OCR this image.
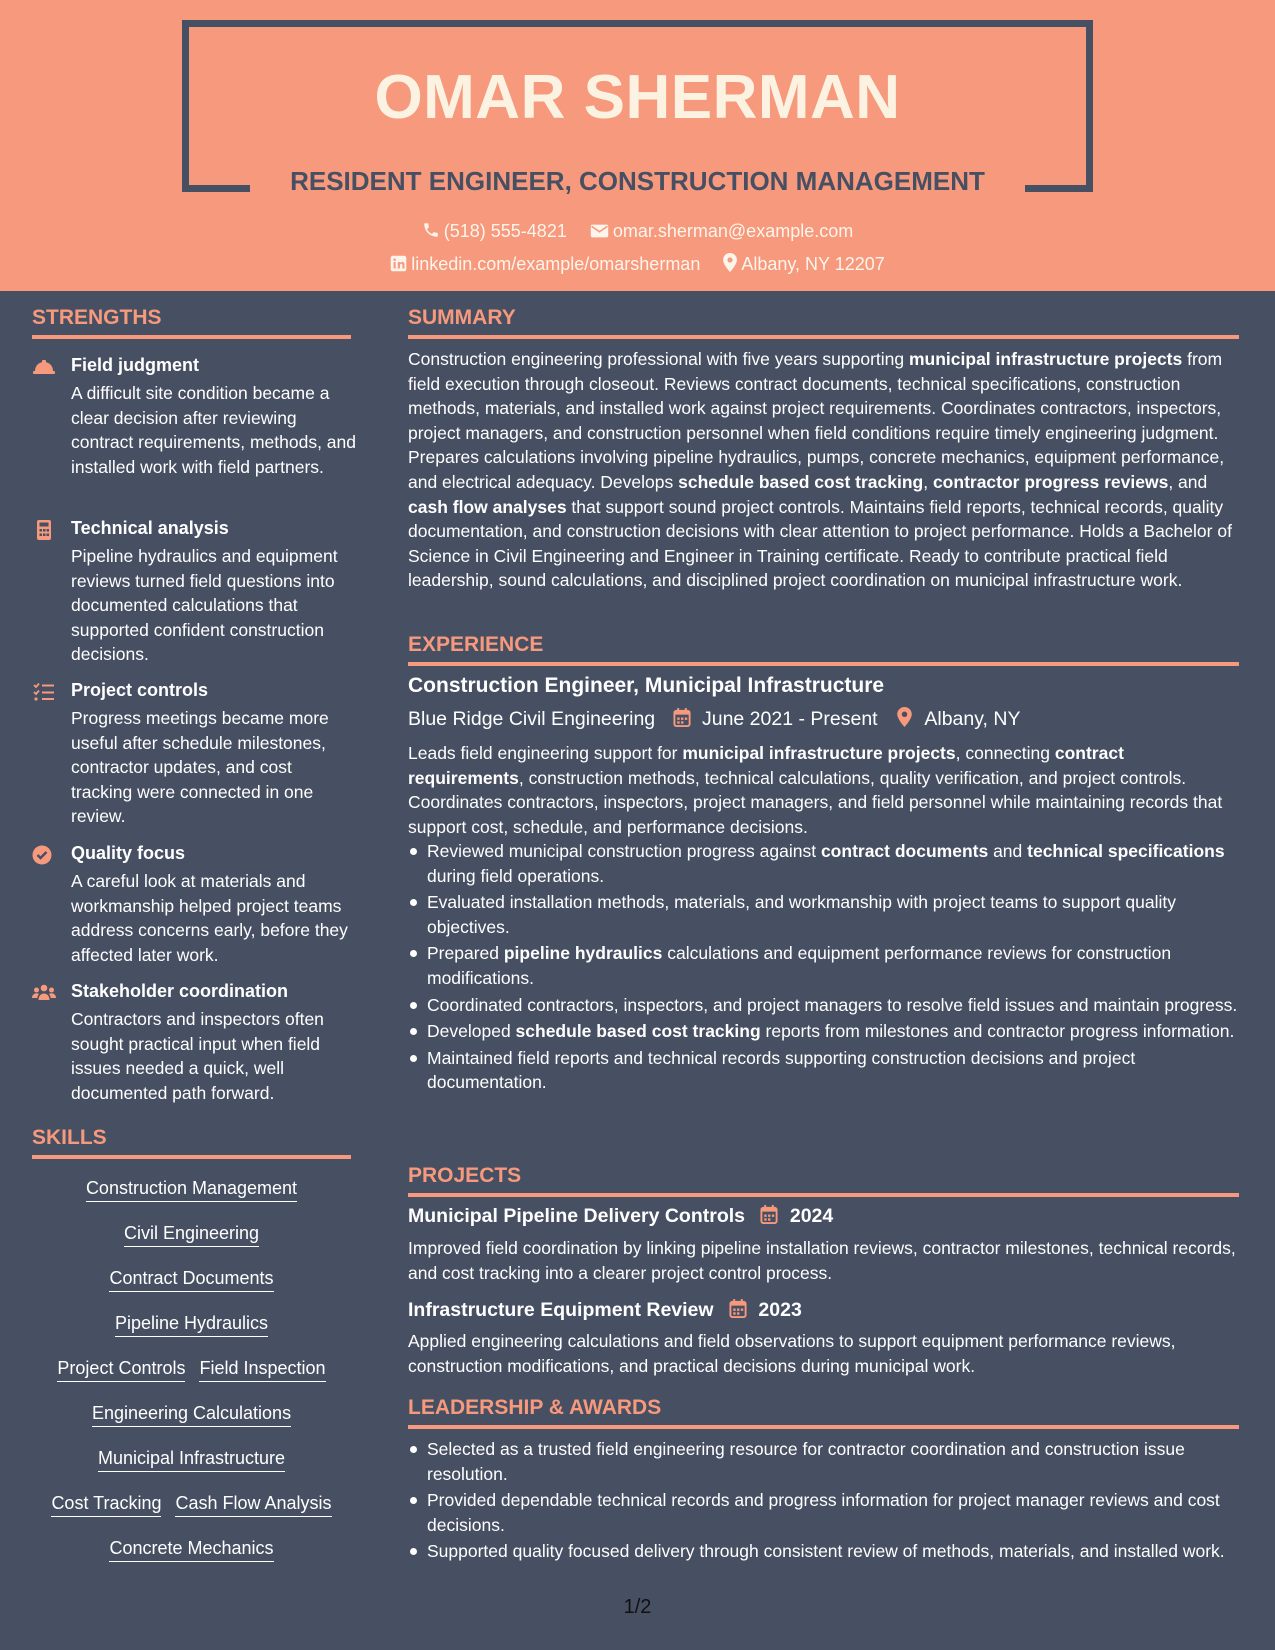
OMAR SHERMAN
RESIDENT ENGINEER, CONSTRUCTION MANAGEMENT
(518) 555-4821	omar.sherman@example.com
linkedin.com/example/omarsherman Albany, NY 12207
STRENGTHS
Field judgment
A difficult site condition became a clear decision after reviewing contract requirements, methods, and installed work with field partners.
Technical analysis
Pipeline hydraulics and equipment reviews turned field questions into documented calculations that supported confident construction decisions.
Project controls
Progress meetings became more useful after schedule milestones, contractor updates, and cost tracking were connected in one review.
Quality focus
A careful look at materials and workmanship helped project teams address concerns early, before they affected later work.
Stakeholder coordination
Contractors and inspectors often sought practical input when field issues needed a quick, well documented path forward.
SKILLS
Construction Management
Civil Engineering
Contract Documents
Pipeline Hydraulics
Project Controls Field Inspection
Engineering Calculations
Municipal Infrastructure
Cost Tracking Cash Flow Analysis
Concrete Mechanics
SUMMARY
Construction engineering professional with five years supporting municipal infrastructure projects from field execution through closeout. Reviews contract documents, technical specifications, construction methods, materials, and installed work against project requirements. Coordinates contractors, inspectors, project managers, and construction personnel when field conditions require timely engineering judgment. Prepares calculations involving pipeline hydraulics, pumps, concrete mechanics, equipment performance, and electrical adequacy. Develops schedule based cost tracking, contractor progress reviews, and cash flow analyses that support sound project controls. Maintains field reports, technical records, quality documentation, and construction decisions with clear attention to project performance. Holds a Bachelor of Science in Civil Engineering and Engineer in Training certificate. Ready to contribute practical field leadership, sound calculations, and disciplined project coordination on municipal infrastructure work.
EXPERIENCE
Construction Engineer, Municipal Infrastructure
Blue Ridge Civil Engineering June 2021 - Present Albany, NY
Leads field engineering support for municipal infrastructure projects, connecting contract requirements, construction methods, technical calculations, quality verification, and project controls. Coordinates contractors, inspectors, project managers, and field personnel while maintaining records that support cost, schedule, and performance decisions.
Reviewed municipal construction progress against contract documents and technical specifications during field operations.
Evaluated installation methods, materials, and workmanship with project teams to support quality objectives.
Prepared pipeline hydraulics calculations and equipment performance reviews for construction modifications.
Coordinated contractors, inspectors, and project managers to resolve field issues and maintain progress.
Developed schedule based cost tracking reports from milestones and contractor progress information.
Maintained field reports and technical records supporting construction decisions and project documentation.
PROJECTS
Municipal Pipeline Delivery Controls 2024
Improved field coordination by linking pipeline installation reviews, contractor milestones, technical records, and cost tracking into a clearer project control process.
Infrastructure Equipment Review 2023
Applied engineering calculations and field observations to support equipment performance reviews, construction modifications, and practical decisions during municipal work.
LEADERSHIP & AWARDS
Selected as a trusted field engineering resource for contractor coordination and construction issue resolution.
Provided dependable technical records and progress information for project manager reviews and cost decisions.
Supported quality focused delivery through consistent review of methods, materials, and installed work.
1/2
